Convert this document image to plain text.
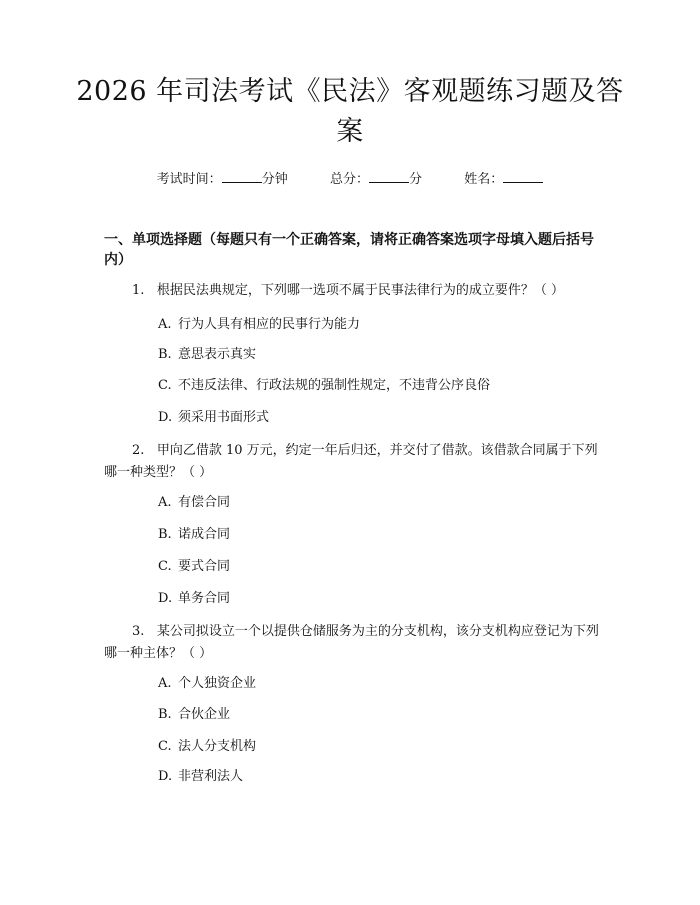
2026 年司法考试《民法》客观题练习题及答
案
考试时间：	分钟	总分：	分	姓名：
一、单项选择题（每题只有一个正确答案，请将正确答案选项字母填入题后括号内）
1. 根据民法典规定，下列哪一选项不属于民事法律行为的成立要件？（ ）
A. 行为人具有相应的民事行为能力
B. 意思表示真实
C. 不违反法律、行政法规的强制性规定，不违背公序良俗
D. 须采用书面形式
2. 甲向乙借款 10 万元，约定一年后归还，并交付了借款。该借款合同属于下列哪一种类型？（ ）
A. 有偿合同
B. 诺成合同
C. 要式合同
D. 单务合同
3. 某公司拟设立一个以提供仓储服务为主的分支机构，该分支机构应登记为下列哪一种主体？（ ）
A. 个人独资企业
B. 合伙企业
C. 法人分支机构
D. 非营利法人
